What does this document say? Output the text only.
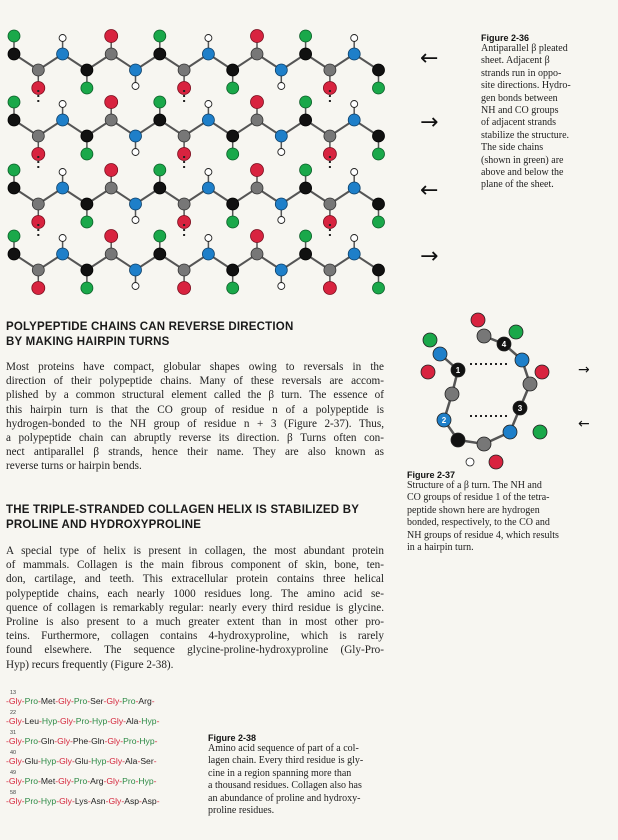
←
→
←
→
Figure 2-36
Antiparallel β pleated
sheet. Adjacent β
strands run in oppo-
site directions. Hydro-
gen bonds between
NH and CO groups
of adjacent strands
stabilize the structure.
The side chains
(shown in green) are
above and below the
plane of the sheet.
POLYPEPTIDE CHAINS CAN REVERSE DIRECTION
BY MAKING HAIRPIN TURNS
Most proteins have compact, globular shapes owing to reversals in the
direction of their polypeptide chains. Many of these reversals are accom-
plished by a common structural element called the β turn. The essence of
this hairpin turn is that the CO group of residue n of a polypeptide is
hydrogen-bonded to the NH group of residue n + 3 (Figure 2-37). Thus,
a polypeptide chain can abruptly reverse its direction. β Turns often con-
nect antiparallel β strands, hence their name. They are also known as
reverse turns or hairpin bends.
1
2
3
4
→
←
Figure 2-37
Structure of a β turn. The NH and
CO groups of residue 1 of the tetra-
peptide shown here are hydrogen
bonded, respectively, to the CO and
NH groups of residue 4, which results
in a hairpin turn.
THE TRIPLE-STRANDED COLLAGEN HELIX IS STABILIZED BY
PROLINE AND HYDROXYPROLINE
A special type of helix is present in collagen, the most abundant protein
of mammals. Collagen is the main fibrous component of skin, bone, ten-
don, cartilage, and teeth. This extracellular protein contains three helical
polypeptide chains, each nearly 1000 residues long. The amino acid se-
quence of collagen is remarkably regular: nearly every third residue is glycine.
Proline is also present to a much greater extent than in most other pro-
teins. Furthermore, collagen contains 4-hydroxyproline, which is rarely
found elsewhere. The sequence glycine-proline-hydroxyproline (Gly-Pro-
Hyp) recurs frequently (Figure 2-38).
13
-Gly-Pro-Met-Gly-Pro-Ser-Gly-Pro-Arg-
22
-Gly-Leu-Hyp-Gly-Pro-Hyp-Gly-Ala-Hyp-
31
-Gly-Pro-Gln-Gly-Phe-Gln-Gly-Pro-Hyp-
40
-Gly-Glu-Hyp-Gly-Glu-Hyp-Gly-Ala-Ser-
49
-Gly-Pro-Met-Gly-Pro-Arg-Gly-Pro-Hyp-
58
-Gly-Pro-Hyp-Gly-Lys-Asn-Gly-Asp-Asp-
Figure 2-38
Amino acid sequence of part of a col-
lagen chain. Every third residue is gly-
cine in a region spanning more than
a thousand residues. Collagen also has
an abundance of proline and hydroxy-
proline residues.
